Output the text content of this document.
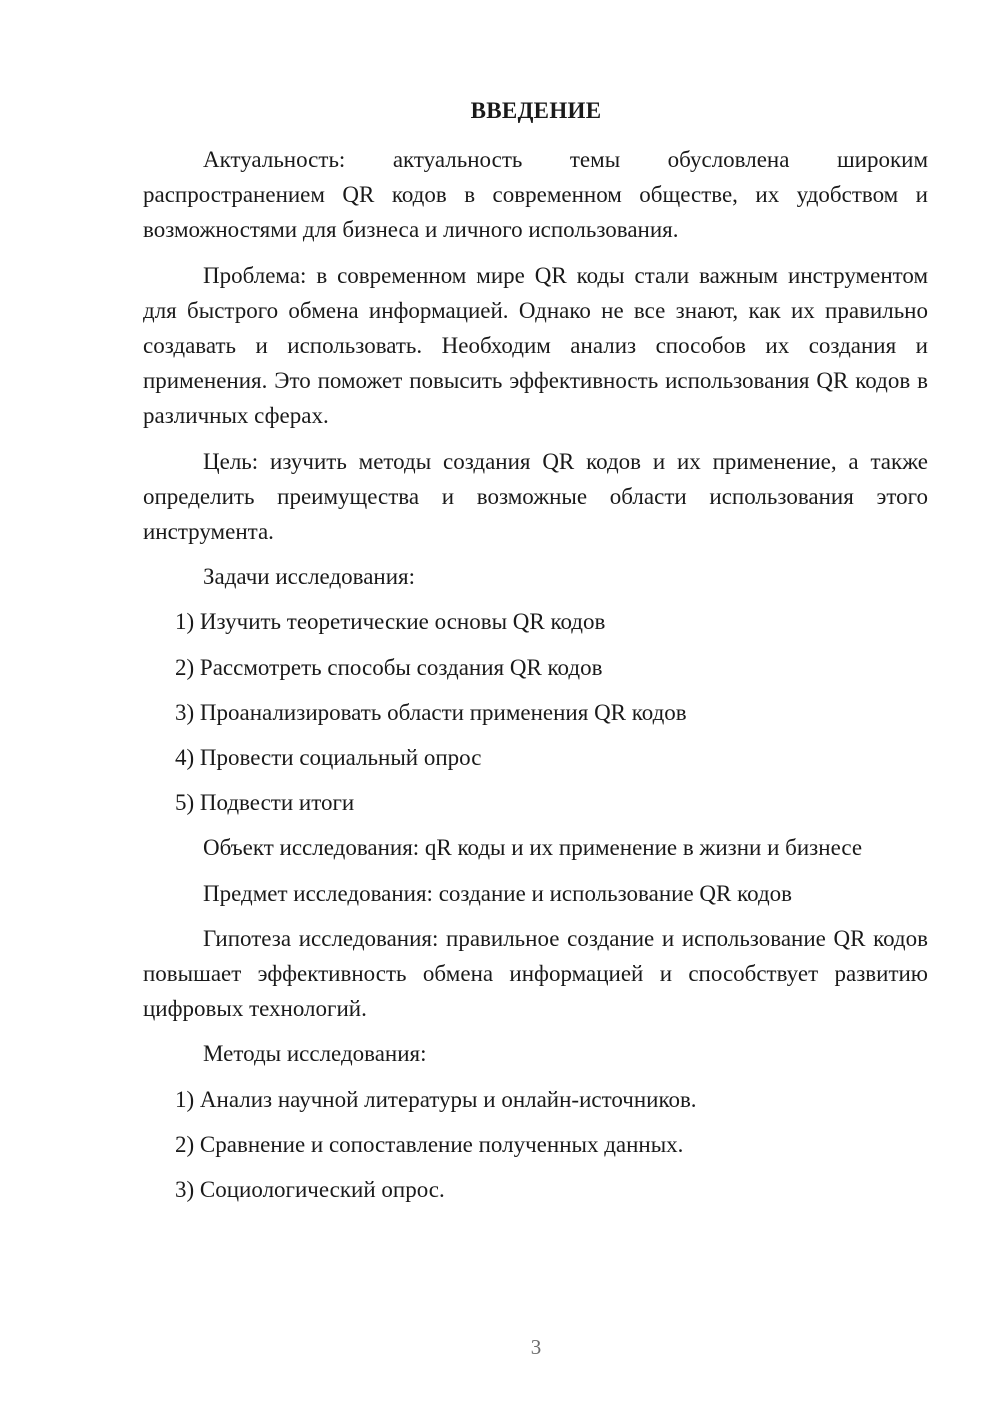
ВВЕДЕНИЕ

Актуальность: актуальность темы обусловлена широким распространением QR кодов в современном обществе, их удобством и возможностями для бизнеса и личного использования.

Проблема: в современном мире QR коды стали важным инструментом для быстрого обмена информацией. Однако не все знают, как их правильно создавать и использовать. Необходим анализ способов их создания и применения. Это поможет повысить эффективность использования QR кодов в различных сферах.

Цель: изучить методы создания QR кодов и их применение, а также определить преимущества и возможные области использования этого инструмента.

Задачи исследования:

1) Изучить теоретические основы QR кодов

2) Рассмотреть способы создания QR кодов

3) Проанализировать области применения QR кодов

4) Провести социальный опрос

5) Подвести итоги

Объект исследования: qR коды и их применение в жизни и бизнесе

Предмет исследования: создание и использование QR кодов

Гипотеза исследования: правильное создание и использование QR кодов повышает эффективность обмена информацией и способствует развитию цифровых технологий.

Методы исследования:

1) Анализ научной литературы и онлайн-источников.

2) Сравнение и сопоставление полученных данных.

3) Социологический опрос.

3
